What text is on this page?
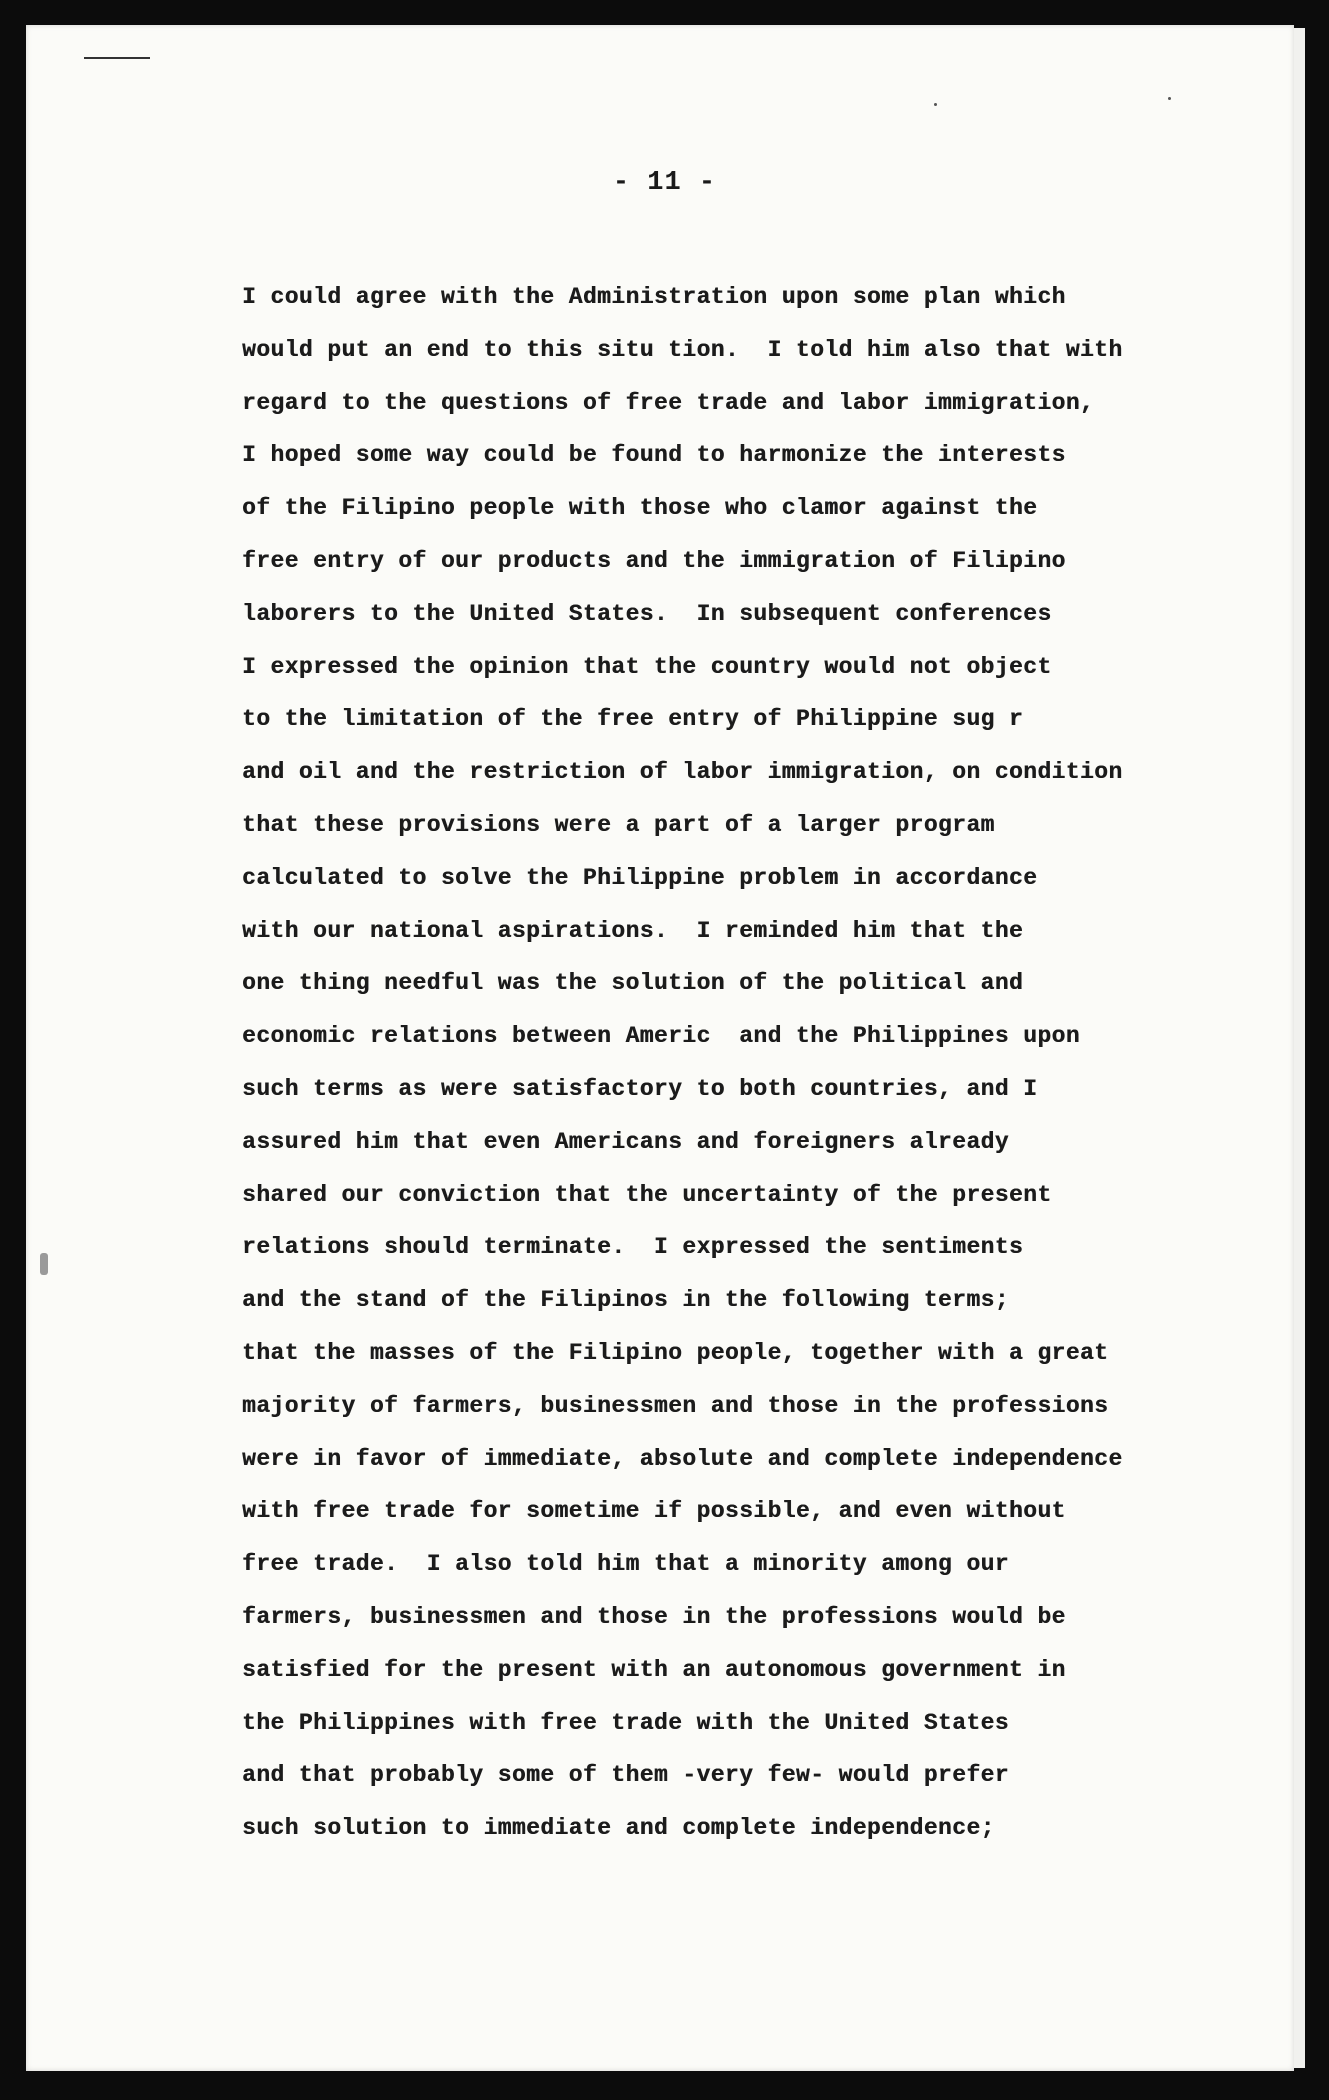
- 11 -
I could agree with the Administration upon some plan which
would put an end to this situ tion.  I told him also that with
regard to the questions of free trade and labor immigration,
I hoped some way could be found to harmonize the interests
of the Filipino people with those who clamor against the
free entry of our products and the immigration of Filipino
laborers to the United States.  In subsequent conferences
I expressed the opinion that the country would not object
to the limitation of the free entry of Philippine sug r
and oil and the restriction of labor immigration, on condition
that these provisions were a part of a larger program
calculated to solve the Philippine problem in accordance
with our national aspirations.  I reminded him that the
one thing needful was the solution of the political and
economic relations between Americ  and the Philippines upon
such terms as were satisfactory to both countries, and I
assured him that even Americans and foreigners already
shared our conviction that the uncertainty of the present
relations should terminate.  I expressed the sentiments
and the stand of the Filipinos in the following terms;
that the masses of the Filipino people, together with a great
majority of farmers, businessmen and those in the professions
were in favor of immediate, absolute and complete independence
with free trade for sometime if possible, and even without
free trade.  I also told him that a minority among our
farmers, businessmen and those in the professions would be
satisfied for the present with an autonomous government in
the Philippines with free trade with the United States
and that probably some of them -very few- would prefer
such solution to immediate and complete independence;
